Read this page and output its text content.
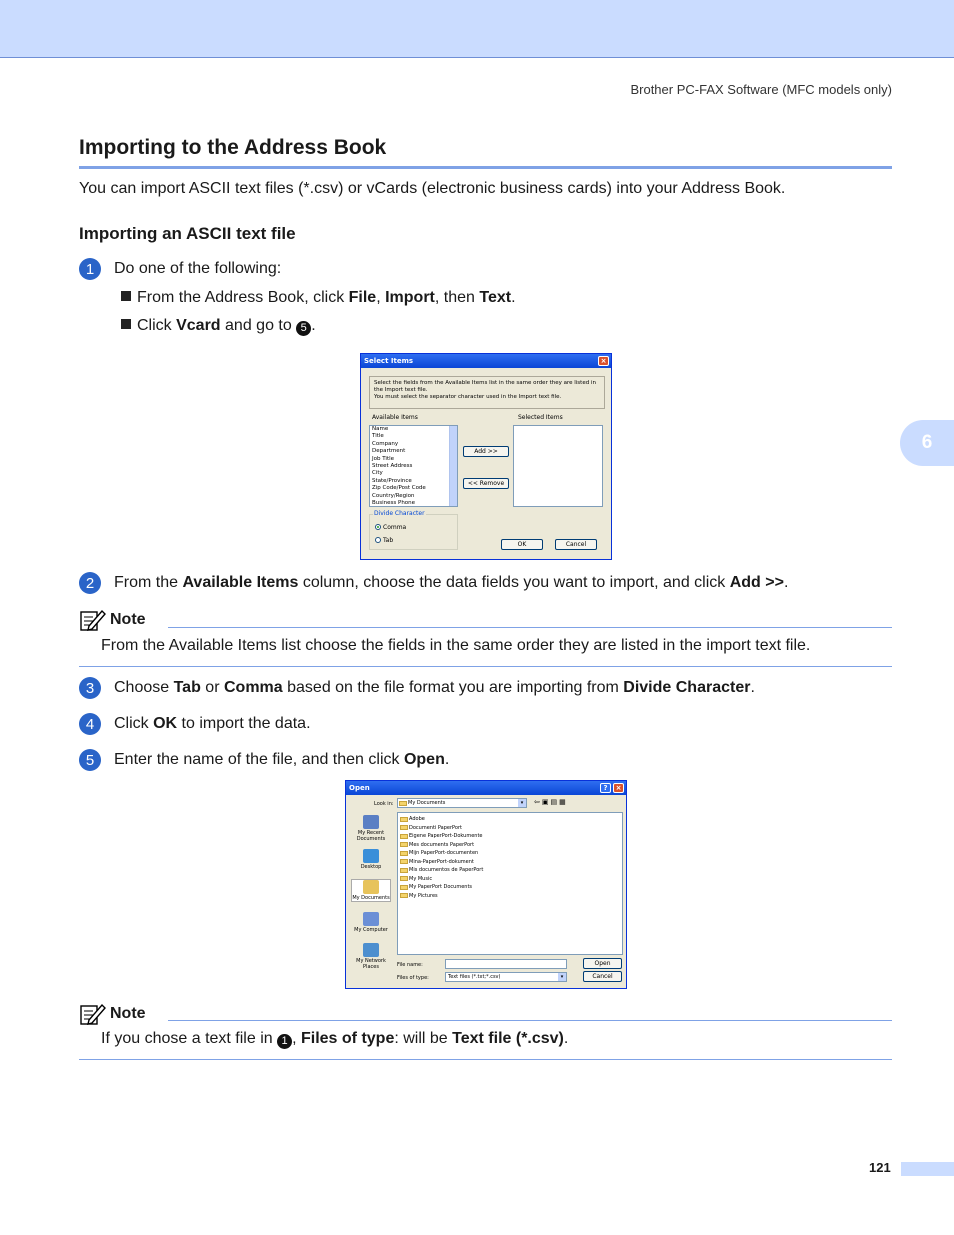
Brother PC-FAX Software (MFC models only)
Importing to the Address Book
You can import ASCII text files (*.csv) or vCards (electronic business cards) into your Address Book.
Importing an ASCII text file
1	Do one of the following:
From the Address Book, click File, Import, then Text.
Click Vcard and go to 5 .
Select Items	×
Select the fields from the Available Items list in the same order they are listed in the Import text file.
You must select the separator character used in the Import text file.
Available Items	Selected Items
Name
Title
Company
Department
Job Title
Street Address
City
State/Province
Zip Code/Post Code
Country/Region
Business Phone
Add >>
<< Remove
Divide Character
Comma
Tab
OK	Cancel
2	From the Available Items column, choose the data fields you want to import, and click Add >>.
Note
From the Available Items list choose the fields in the same order they are listed in the import text file.
3	Choose Tab or Comma based on the file format you are importing from Divide Character.
4	Click OK to import the data.
5	Enter the name of the file, and then click Open.
Open	?	×
Look in:	My Documents	▾	⇦▣▤▦
My Recent Documents
Desktop
My Documents
My Computer
My Network Places
Adobe
Documenti PaperPort
Eigene PaperPort-Dokumente
Mes documents PaperPort
Mijn PaperPort-documenten
Mina-PaperPort-dokument
Mis documentos de PaperPort
My Music
My PaperPort Documents
My Pictures
File name:
Files of type:	Text files (*.txt;*.csv)	▾
Open
Cancel
Note
If you chose a text file in 1 , Files of type: will be Text file (*.csv).
6
121
